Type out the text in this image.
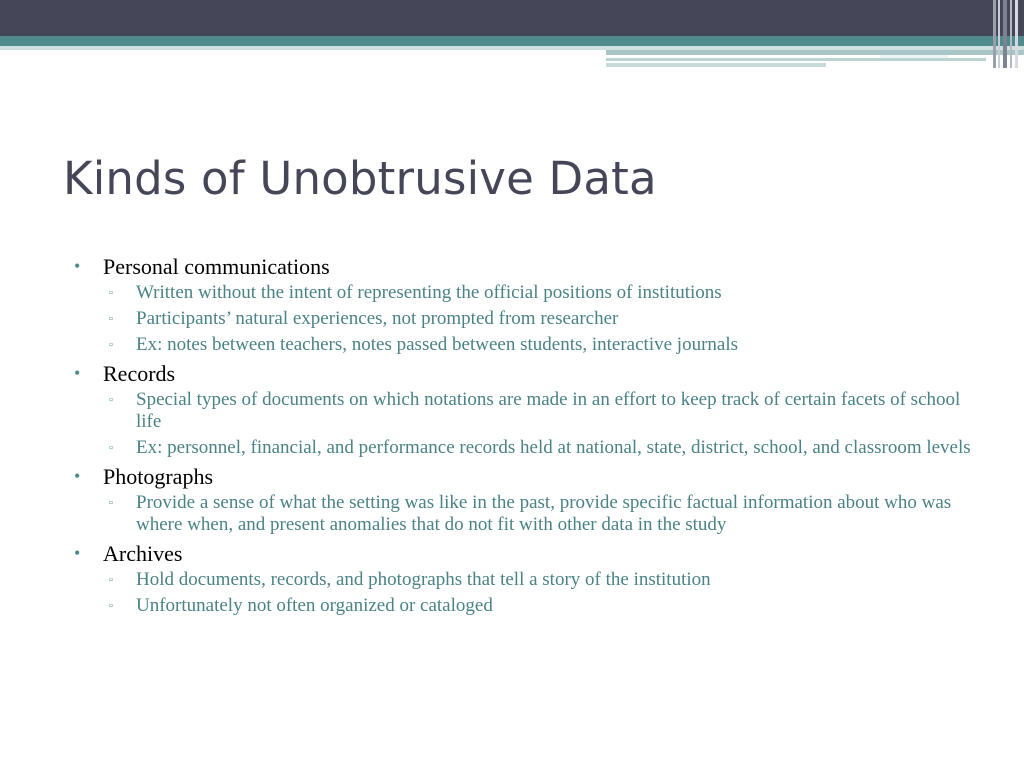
Kinds of Unobtrusive Data
• Personal communications
▫ Written without the intent of representing the official positions of institutions
▫ Participants’ natural experiences, not prompted from researcher
▫ Ex: notes between teachers, notes passed between students, interactive journals
• Records
▫ Special types of documents on which notations are made in an effort to keep track of certain facets of school life
▫ Ex: personnel, financial, and performance records held at national, state, district, school, and classroom levels
• Photographs
▫ Provide a sense of what the setting was like in the past, provide specific factual information about who was where when, and present anomalies that do not fit with other data in the study
• Archives
▫ Hold documents, records, and photographs that tell a story of the institution
▫ Unfortunately not often organized or cataloged
